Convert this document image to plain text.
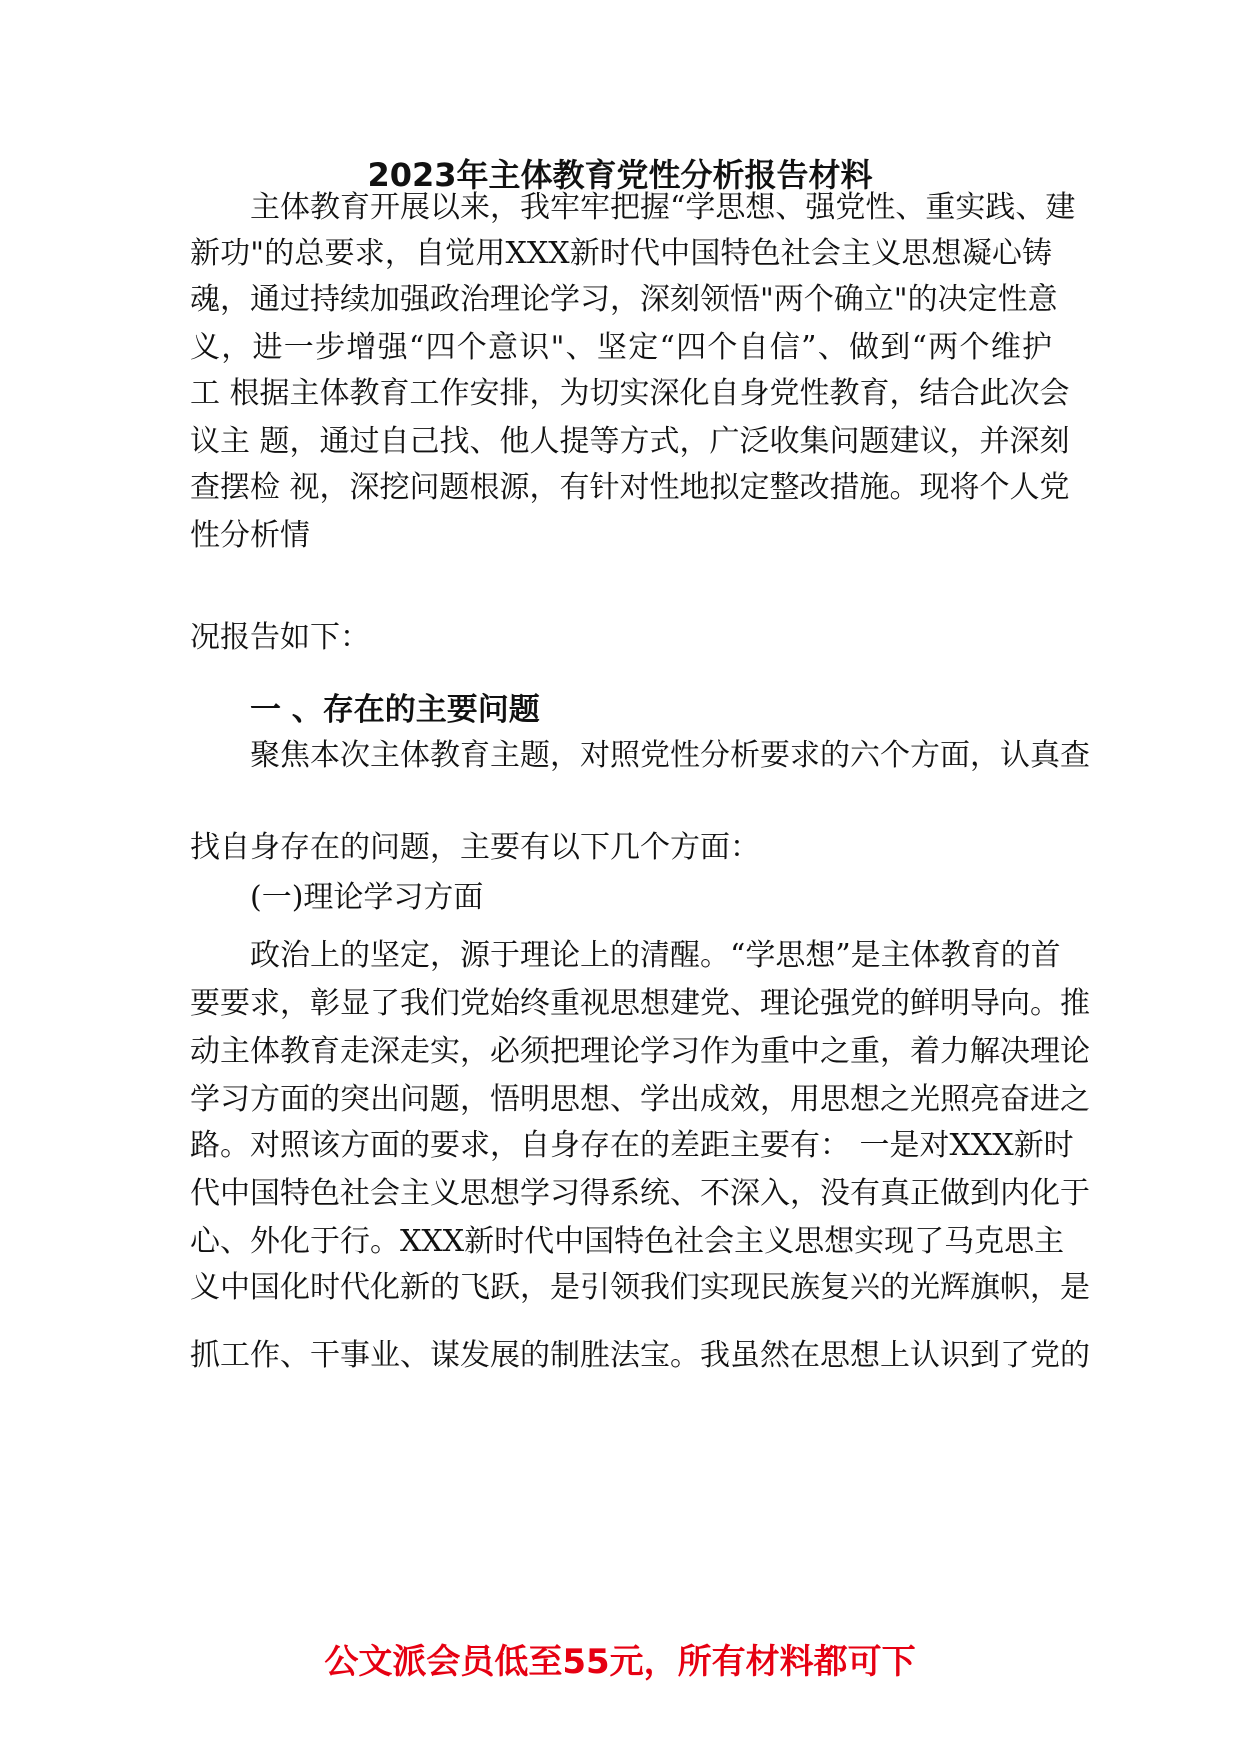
2023年主体教育党性分析报告材料
主体教育开展以来，我牢牢把握“学思想、强党性、重实践、建
新功"的总要求，自觉用XXX新时代中国特色社会主义思想凝心铸
魂，通过持续加强政治理论学习，深刻领悟"两个确立"的决定性意
义，进一步增强“四个意识"、坚定“四个自信”、做到“两个维护
工 根据主体教育工作安排，为切实深化自身党性教育，结合此次会
议主 题，通过自己找、他人提等方式，广泛收集问题建议，并深刻
查摆检 视，深挖问题根源，有针对性地拟定整改措施。现将个人党
性分析情
况报告如下：
一 、存在的主要问题
聚焦本次主体教育主题，对照党性分析要求的六个方面，认真查
找自身存在的问题，主要有以下几个方面：
(一)理论学习方面
政治上的坚定，源于理论上的清醒。“学思想”是主体教育的首
要要求，彰显了我们党始终重视思想建党、理论强党的鲜明导向。推
动主体教育走深走实，必须把理论学习作为重中之重，着力解决理论
学习方面的突出问题，悟明思想、学出成效，用思想之光照亮奋进之
路。对照该方面的要求，自身存在的差距主要有： 一是对XXX新时
代中国特色社会主义思想学习得系统、不深入，没有真正做到内化于
心、外化于行。XXX新时代中国特色社会主义思想实现了马克思主
义中国化时代化新的飞跃，是引领我们实现民族复兴的光辉旗帜，是
抓工作、干事业、谋发展的制胜法宝。我虽然在思想上认识到了党的
公文派会员低至55元，所有材料都可下
